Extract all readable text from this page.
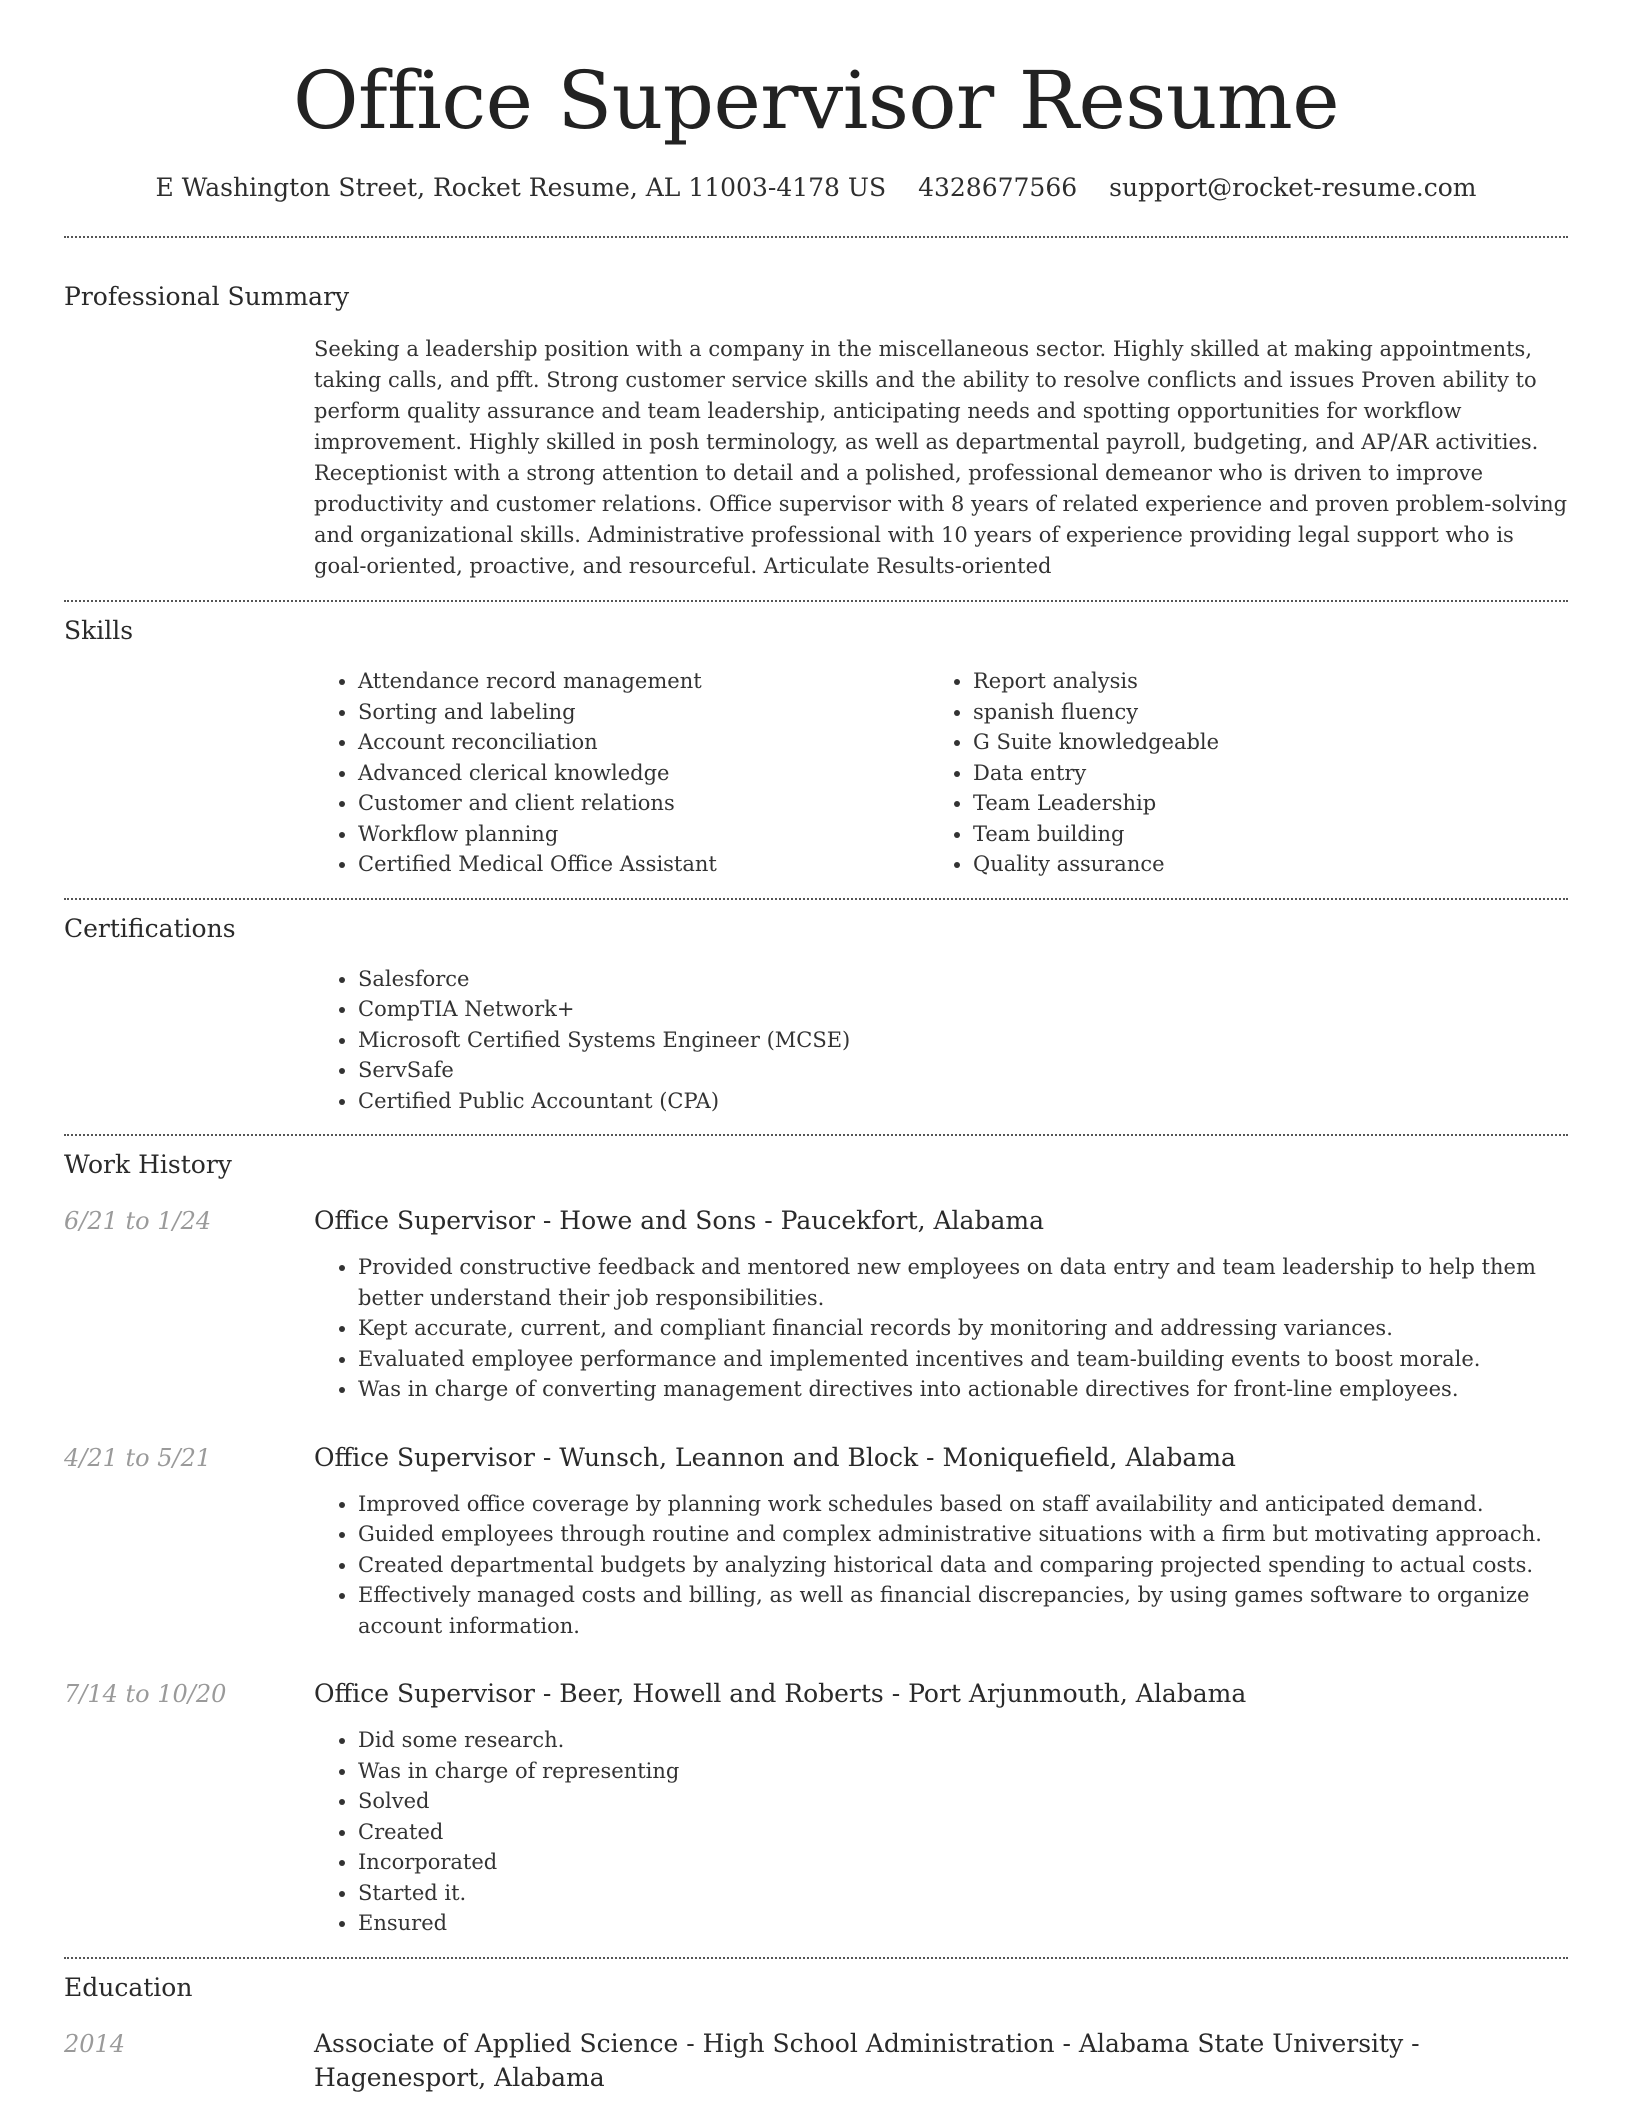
Office Supervisor Resume
E Washington Street, Rocket Resume, AL 11003-4178 US 4328677566 support@rocket-resume.com
Professional Summary

Seeking a leadership position with a company in the miscellaneous sector. Highly skilled at making appointments, taking calls, and pfft. Strong customer service skills and the ability to resolve conflicts and issues Proven ability to perform quality assurance and team leadership, anticipating needs and spotting opportunities for workflow improvement. Highly skilled in posh terminology, as well as departmental payroll, budgeting, and AP/AR activities. Receptionist with a strong attention to detail and a polished, professional demeanor who is driven to improve productivity and customer relations. Office supervisor with 8 years of related experience and proven problem-solving and organizational skills. Administrative professional with 10 years of experience providing legal support who is goal-oriented, proactive, and resourceful. Articulate Results-oriented

Skills
• Attendance record management
• Sorting and labeling
• Account reconciliation
• Advanced clerical knowledge
• Customer and client relations
• Workflow planning
• Certified Medical Office Assistant
• Report analysis
• spanish fluency
• G Suite knowledgeable
• Data entry
• Team Leadership
• Team building
• Quality assurance
Certifications
• Salesforce
• CompTIA Network+
• Microsoft Certified Systems Engineer (MCSE)
• ServSafe
• Certified Public Accountant (CPA)
Work History
6/21 to 1/24	Office Supervisor - Howe and Sons - Paucekfort, Alabama
• Provided constructive feedback and mentored new employees on data entry and team leadership to help them better understand their job responsibilities.
• Kept accurate, current, and compliant financial records by monitoring and addressing variances.
• Evaluated employee performance and implemented incentives and team-building events to boost morale.
• Was in charge of converting management directives into actionable directives for front-line employees.
4/21 to 5/21	Office Supervisor - Wunsch, Leannon and Block - Moniquefield, Alabama
• Improved office coverage by planning work schedules based on staff availability and anticipated demand.
• Guided employees through routine and complex administrative situations with a firm but motivating approach.
• Created departmental budgets by analyzing historical data and comparing projected spending to actual costs.
• Effectively managed costs and billing, as well as financial discrepancies, by using games software to organize account information.
7/14 to 10/20	Office Supervisor - Beer, Howell and Roberts - Port Arjunmouth, Alabama
• Did some research.
• Was in charge of representing
• Solved
• Created
• Incorporated
• Started it.
• Ensured
Education
2014	Associate of Applied Science - High School Administration - Alabama State University - Hagenesport, Alabama
